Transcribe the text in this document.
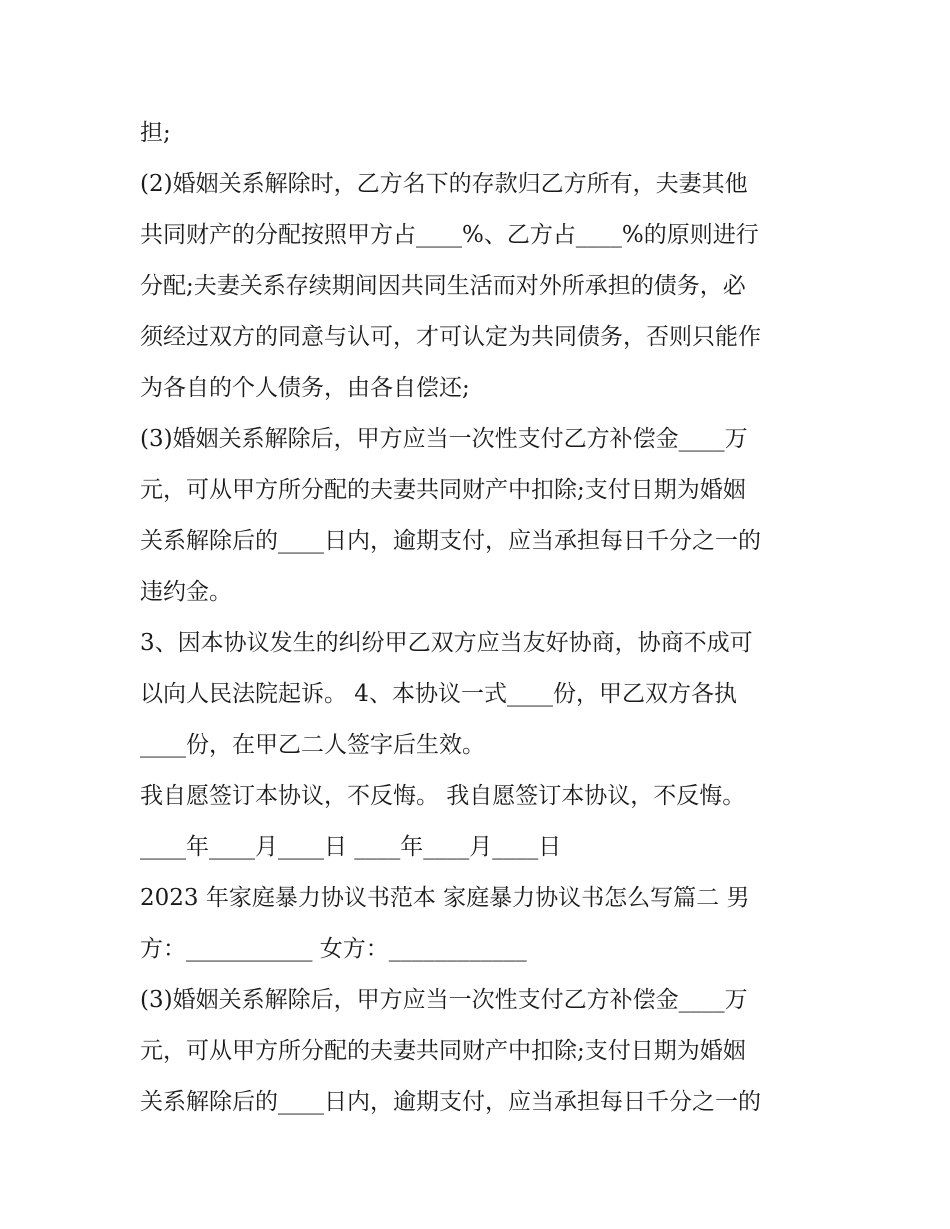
担;
(2)婚姻关系解除时，乙方名下的存款归乙方所有，夫妻其他
共同财产的分配按照甲方占____%、乙方占____%的原则进行
分配;夫妻关系存续期间因共同生活而对外所承担的债务，必
须经过双方的同意与认可，才可认定为共同债务，否则只能作
为各自的个人债务，由各自偿还;
(3)婚姻关系解除后，甲方应当一次性支付乙方补偿金____万
元，可从甲方所分配的夫妻共同财产中扣除;支付日期为婚姻
关系解除后的____日内，逾期支付，应当承担每日千分之一的
违约金。
3、因本协议发生的纠纷甲乙双方应当友好协商，协商不成可
以向人民法院起诉。 4、本协议一式____份，甲乙双方各执
____份，在甲乙二人签字后生效。
我自愿签订本协议，不反悔。 我自愿签订本协议，不反悔。
____年____月____日 ____年____月____日
2023 年家庭暴力协议书范本 家庭暴力协议书怎么写篇二 男
方：___________ 女方：____________
(3)婚姻关系解除后，甲方应当一次性支付乙方补偿金____万
元，可从甲方所分配的夫妻共同财产中扣除;支付日期为婚姻
关系解除后的____日内，逾期支付，应当承担每日千分之一的
